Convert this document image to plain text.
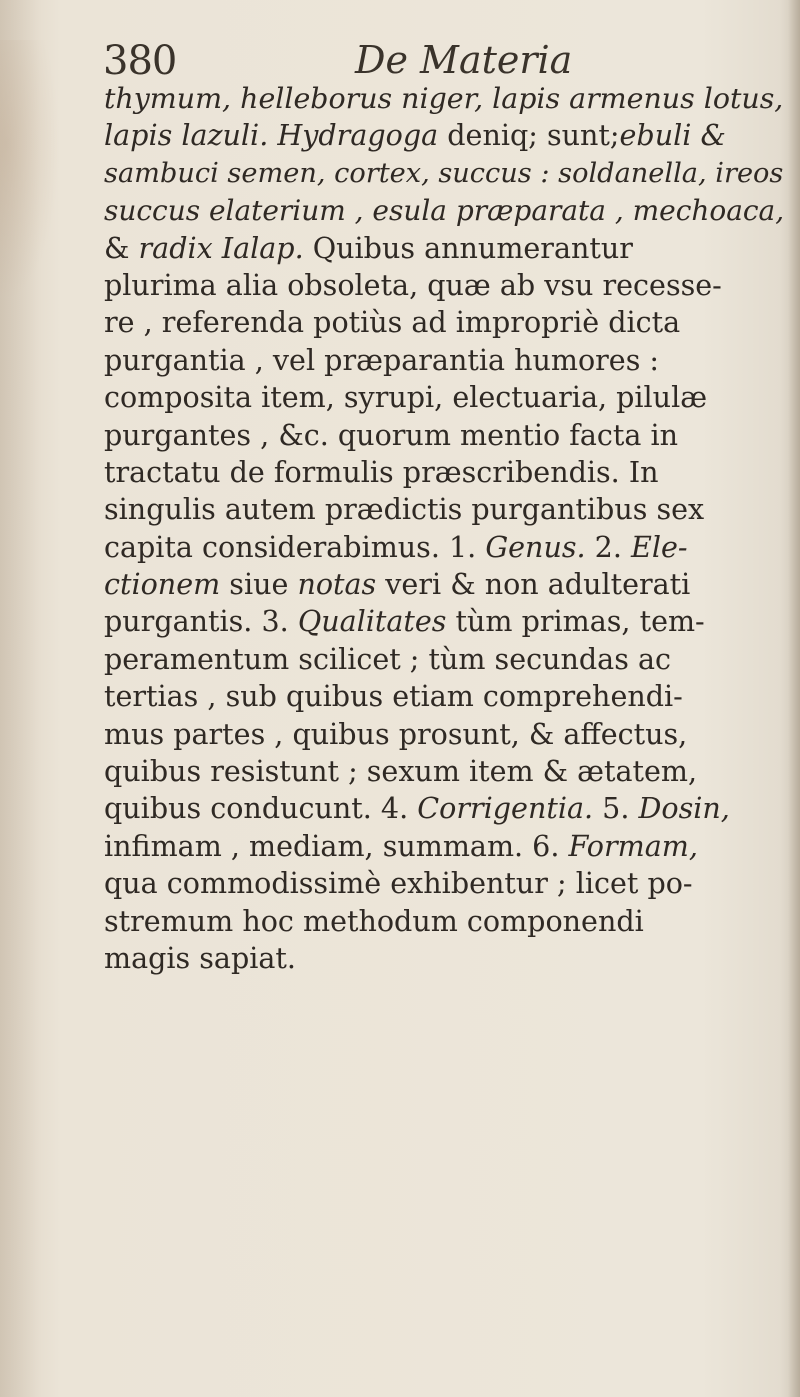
380	De Materia
thymum, helleborus niger, lapis armenus lotus,
lapis lazuli. Hydragoga deniq; sunt;ebuli &
sambuci semen, cortex, succus : soldanella, ireos
succus elaterium , esula præparata , mechoaca,
& radix Ialap. Quibus annumerantur
plurima alia obsoleta, quæ ab vsu recesse-
re , referenda potiùs ad impropriè dicta
purgantia , vel præparantia humores :
composita item, syrupi, electuaria, pilulæ
purgantes , &c. quorum mentio facta in
tractatu de formulis præscribendis. In
singulis autem prædictis purgantibus sex
capita considerabimus. 1. Genus. 2. Ele-
ctionem siue notas veri & non adulterati
purgantis. 3. Qualitates tùm primas, tem-
peramentum scilicet ; tùm secundas ac
tertias , sub quibus etiam comprehendi-
mus partes , quibus prosunt, & affectus,
quibus resistunt ; sexum item & ætatem,
quibus conducunt. 4. Corrigentia. 5. Dosin,
infimam , mediam, summam. 6. Formam,
qua commodissimè exhibentur ; licet po-
stremum hoc methodum componendi
magis sapiat.
